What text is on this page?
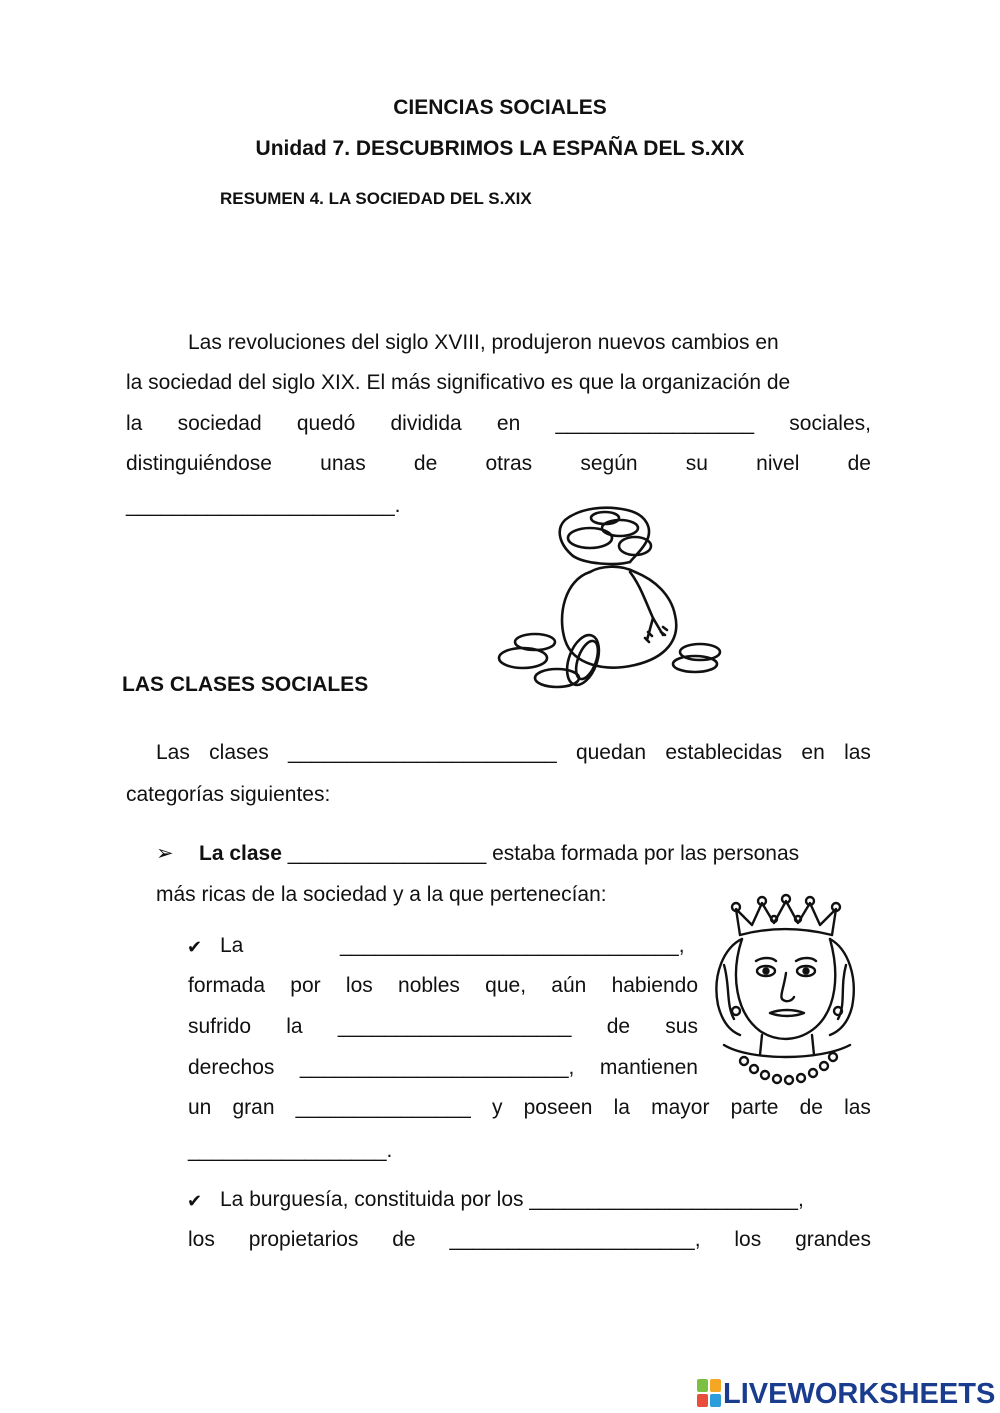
CIENCIAS SOCIALES
Unidad 7. DESCUBRIMOS LA ESPAÑA DEL S.XIX
RESUMEN 4. LA SOCIEDAD DEL S.XIX
Las revoluciones del siglo XVIII, produjeron nuevos cambios en
la sociedad del siglo XIX. El más significativo es que la organización de
la sociedad quedó dividida en _________________ sociales,
distinguiéndose unas de otras según su nivel de
_______________________.
LAS CLASES SOCIALES
Las clases _______________________ quedan establecidas en las
categorías siguientes:
➢ La clase _________________ estaba formada por las personas
más ricas de la sociedad y a la que pertenecían:
✔ La	_____________________________,
formada por los nobles que, aún habiendo
sufrido la ____________________ de sus
derechos _______________________, mantienen
un gran _______________ y poseen la mayor parte de las
_________________.
✔ La burguesía, constituida por los _______________________,
los propietarios de _____________________, los grandes
LIVEWORKSHEETS
